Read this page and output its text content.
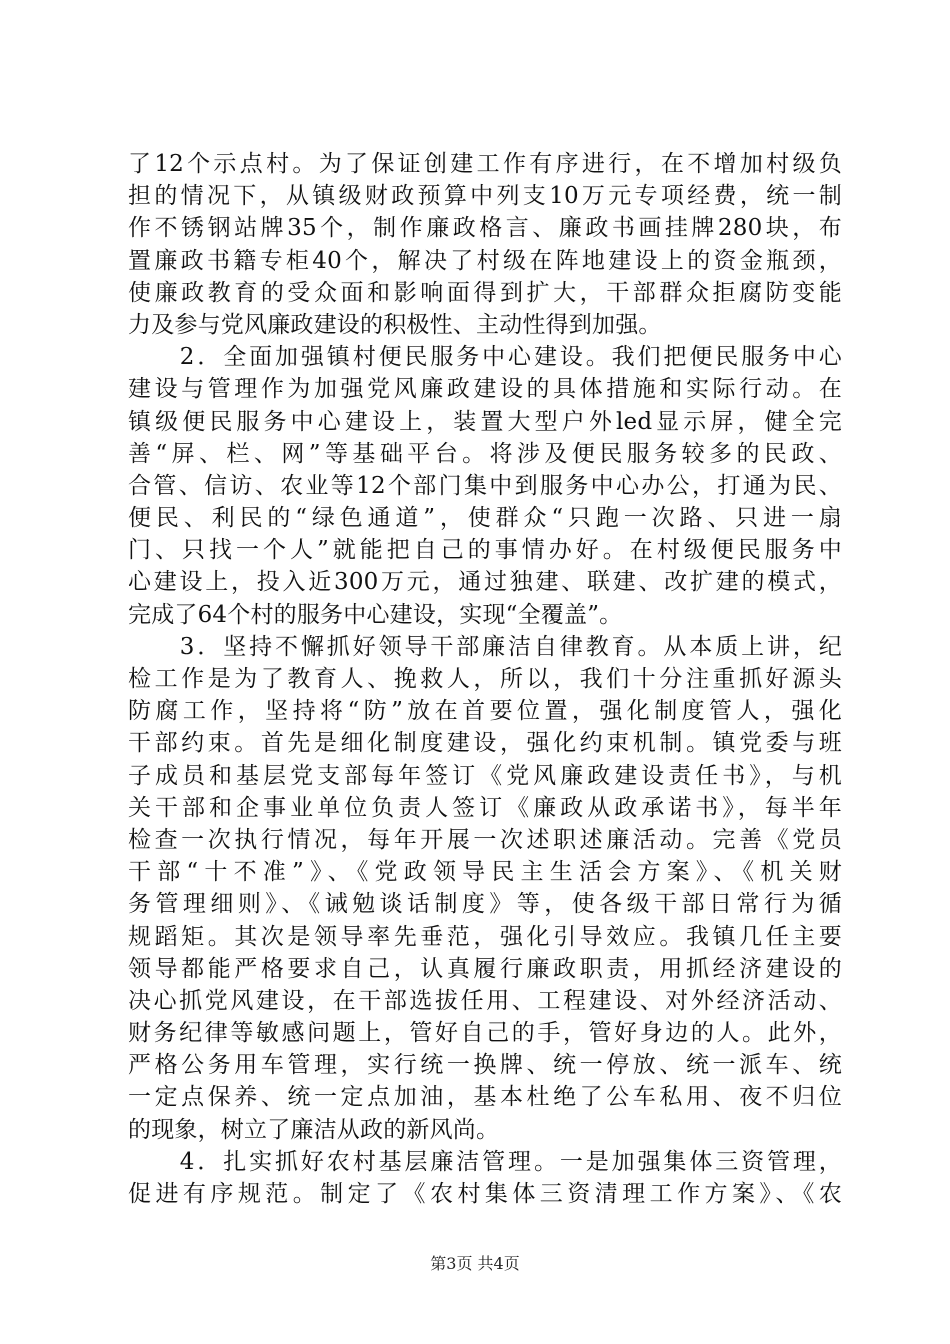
了12个示点村。为了保证创建工作有序进行，在不增加村级负
担的情况下，从镇级财政预算中列支10万元专项经费，统一制
作不锈钢站牌35个，制作廉政格言、廉政书画挂牌280块，布
置廉政书籍专柜40个，解决了村级在阵地建设上的资金瓶颈，
使廉政教育的受众面和影响面得到扩大，干部群众拒腐防变能
力及参与党风廉政建设的积极性、主动性得到加强。
　　2．全面加强镇村便民服务中心建设。我们把便民服务中心
建设与管理作为加强党风廉政建设的具体措施和实际行动。在
镇级便民服务中心建设上，装置大型户外led显示屏，健全完
善“屏、栏、网”等基础平台。将涉及便民服务较多的民政、
合管、信访、农业等12个部门集中到服务中心办公，打通为民、
便民、利民的“绿色通道”，使群众“只跑一次路、只进一扇
门、只找一个人”就能把自己的事情办好。在村级便民服务中
心建设上，投入近300万元，通过独建、联建、改扩建的模式，
完成了64个村的服务中心建设，实现“全覆盖”。
　　3．坚持不懈抓好领导干部廉洁自律教育。从本质上讲，纪
检工作是为了教育人、挽救人，所以，我们十分注重抓好源头
防腐工作，坚持将“防”放在首要位置，强化制度管人，强化
干部约束。首先是细化制度建设，强化约束机制。镇党委与班
子成员和基层党支部每年签订《党风廉政建设责任书》，与机
关干部和企事业单位负责人签订《廉政从政承诺书》，每半年
检查一次执行情况，每年开展一次述职述廉活动。完善《党员
干部“十不准”》、《党政领导民主生活会方案》、《机关财
务管理细则》、《诫勉谈话制度》等，使各级干部日常行为循
规蹈矩。其次是领导率先垂范，强化引导效应。我镇几任主要
领导都能严格要求自己，认真履行廉政职责，用抓经济建设的
决心抓党风建设，在干部选拔任用、工程建设、对外经济活动、
财务纪律等敏感问题上，管好自己的手，管好身边的人。此外，
严格公务用车管理，实行统一换牌、统一停放、统一派车、统
一定点保养、统一定点加油，基本杜绝了公车私用、夜不归位
的现象，树立了廉洁从政的新风尚。
　　4．扎实抓好农村基层廉洁管理。一是加强集体三资管理，
促进有序规范。制定了《农村集体三资清理工作方案》、《农
第3页 共4页
